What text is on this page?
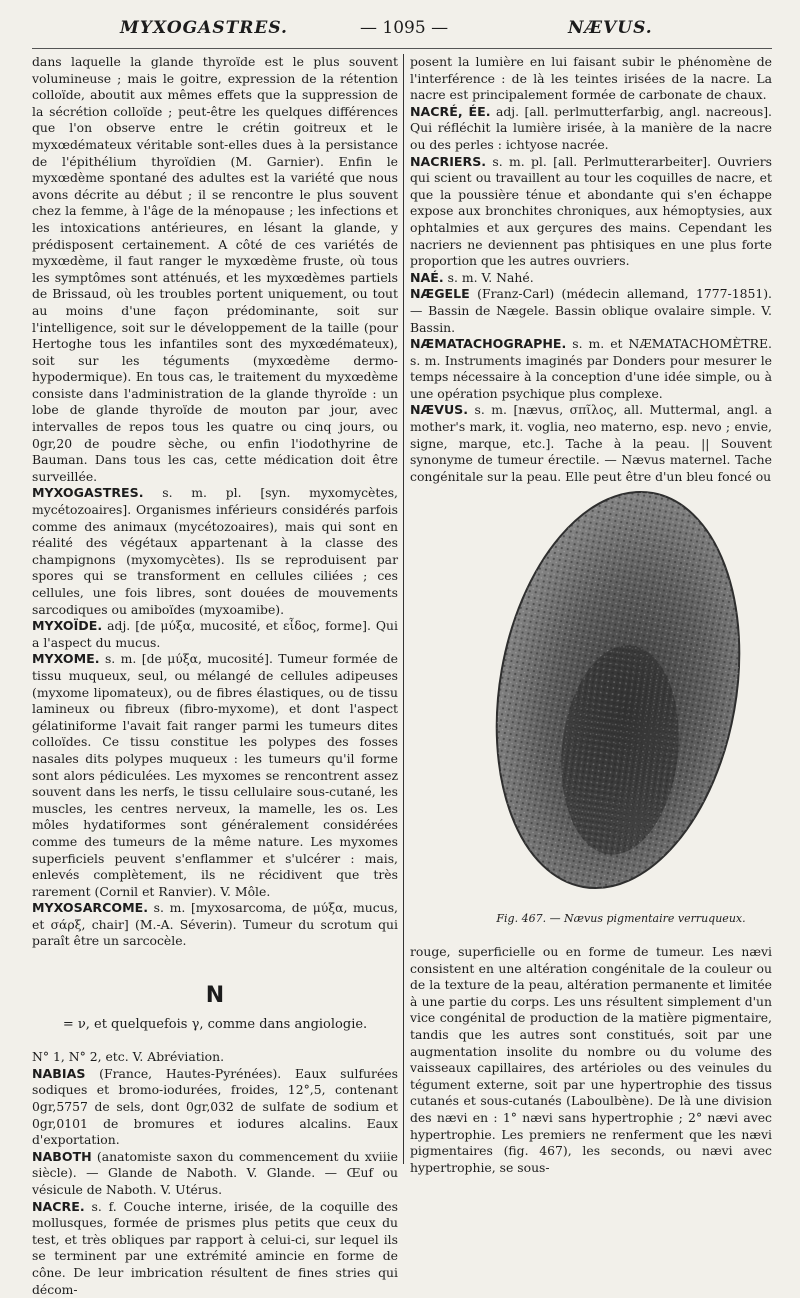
MYXOGASTRES.	— 1095 —	NÆVUS.

dans laquelle la glande thyroïde est le plus souvent volumineuse ; mais le goitre, expression de la rétention colloïde, aboutit aux mêmes effets que la suppression de la sécrétion colloïde ; peut-être les quelques différences que l'on observe entre le crétin goitreux et le myxœdémateux véritable sont-elles dues à la persistance de l'épithélium thyroïdien (M. Garnier). Enfin le myxœdème spontané des adultes est la variété que nous avons décrite au début ; il se rencontre le plus souvent chez la femme, à l'âge de la ménopause ; les infections et les intoxications antérieures, en lésant la glande, y prédisposent certainement. A côté de ces variétés de myxœdème, il faut ranger le myxœdème fruste, où tous les symptômes sont atténués, et les myxœdèmes partiels de Brissaud, où les troubles portent uniquement, ou tout au moins d'une façon prédominante, soit sur l'intelligence, soit sur le développement de la taille (pour Hertoghe tous les infantiles sont des myxœdémateux), soit sur les téguments (myxœdème dermo-hypodermique). En tous cas, le traitement du myxœdème consiste dans l'administration de la glande thyroïde : un lobe de glande thyroïde de mouton par jour, avec intervalles de repos tous les quatre ou cinq jours, ou 0gr,20 de poudre sèche, ou enfin l'iodothyrine de Bauman. Dans tous les cas, cette médication doit être surveillée.

MYXOGASTRES. s. m. pl. [syn. myxomycètes, mycétozoaires]. Organismes inférieurs considérés parfois comme des animaux (mycétozoaires), mais qui sont en réalité des végétaux appartenant à la classe des champignons (myxomycètes). Ils se reproduisent par spores qui se transforment en cellules ciliées ; ces cellules, une fois libres, sont douées de mouvements sarcodiques ou amiboïdes (myxoamibe).

MYXOÏDE. adj. [de μύξα, mucosité, et εἶδος, forme]. Qui a l'aspect du mucus.

MYXOME. s. m. [de μύξα, mucosité]. Tumeur formée de tissu muqueux, seul, ou mélangé de cellules adipeuses (myxome lipomateux), ou de fibres élastiques, ou de tissu lamineux ou fibreux (fibro-myxome), et dont l'aspect gélatiniforme l'avait fait ranger parmi les tumeurs dites colloïdes. Ce tissu constitue les polypes des fosses nasales dits polypes muqueux : les tumeurs qu'il forme sont alors pédiculées. Les myxomes se rencontrent assez souvent dans les nerfs, le tissu cellulaire sous-cutané, les muscles, les centres nerveux, la mamelle, les os. Les môles hydatiformes sont généralement considérées comme des tumeurs de la même nature. Les myxomes superficiels peuvent s'enflammer et s'ulcérer : mais, enlevés complètement, ils ne récidivent que très rarement (Cornil et Ranvier). V. Môle.

MYXOSARCOME. s. m. [myxosarcoma, de μύξα, mucus, et σάρξ, chair] (M.-A. Séverin). Tumeur du scrotum qui paraît être un sarcocèle.

N
= ν, et quelquefois γ, comme dans angiologie.

N° 1, N° 2, etc. V. Abréviation.

NABIAS (France, Hautes-Pyrénées). Eaux sulfurées sodiques et bromo-iodurées, froides, 12°,5, contenant 0gr,5757 de sels, dont 0gr,032 de sulfate de sodium et 0gr,0101 de bromures et iodures alcalins. Eaux d'exportation.

NABOTH (anatomiste saxon du commencement du xviiie siècle). — Glande de Naboth. V. Glande. — Œuf ou vésicule de Naboth. V. Utérus.

NACRE. s. f. Couche interne, irisée, de la coquille des mollusques, formée de prismes plus petits que ceux du test, et très obliques par rapport à celui-ci, sur lequel ils se terminent par une extrémité amincie en forme de cône. De leur imbrication résultent de fines stries qui décom-

posent la lumière en lui faisant subir le phénomène de l'interférence : de là les teintes irisées de la nacre. La nacre est principalement formée de carbonate de chaux.

NACRÉ, ÉE. adj. [all. perlmutterfarbig, angl. nacreous]. Qui réfléchit la lumière irisée, à la manière de la nacre ou des perles : ichtyose nacrée.

NACRIERS. s. m. pl. [all. Perlmutterarbeiter]. Ouvriers qui scient ou travaillent au tour les coquilles de nacre, et que la poussière ténue et abondante qui s'en échappe expose aux bronchites chroniques, aux hémoptysies, aux ophtalmies et aux gerçures des mains. Cependant les nacriers ne deviennent pas phtisiques en une plus forte proportion que les autres ouvriers.

NAÉ. s. m. V. Nahé.

NÆGELE (Franz-Carl) (médecin allemand, 1777-1851). — Bassin de Nægele. Bassin oblique ovalaire simple. V. Bassin.

NÆMATACHOGRAPHE. s. m. et NÆMATACHOMÈTRE. s. m. Instruments imaginés par Donders pour mesurer le temps nécessaire à la conception d'une idée simple, ou à une opération psychique plus complexe.

NÆVUS. s. m. [nævus, σπῖλος, all. Muttermal, angl. a mother's mark, it. voglia, neo materno, esp. nevo ; envie, signe, marque, etc.]. Tache à la peau. || Souvent synonyme de tumeur érectile. — Nævus maternel. Tache congénitale sur la peau. Elle peut être d'un bleu foncé ou

Fig. 467. — Nævus pigmentaire verruqueux.
rouge, superficielle ou en forme de tumeur. Les nævi consistent en une altération congénitale de la couleur ou de la texture de la peau, altération permanente et limitée à une partie du corps. Les uns résultent simplement d'un vice congénital de production de la matière pigmentaire, tandis que les autres sont constitués, soit par une augmentation insolite du nombre ou du volume des vaisseaux capillaires, des artérioles ou des veinules du tégument externe, soit par une hypertrophie des tissus cutanés et sous-cutanés (Laboulbène). De là une division des nævi en : 1° nævi sans hypertrophie ; 2° nævi avec hypertrophie. Les premiers ne renferment que les nævi pigmentaires (fig. 467), les seconds, ou nævi avec hypertrophie, se sous-
